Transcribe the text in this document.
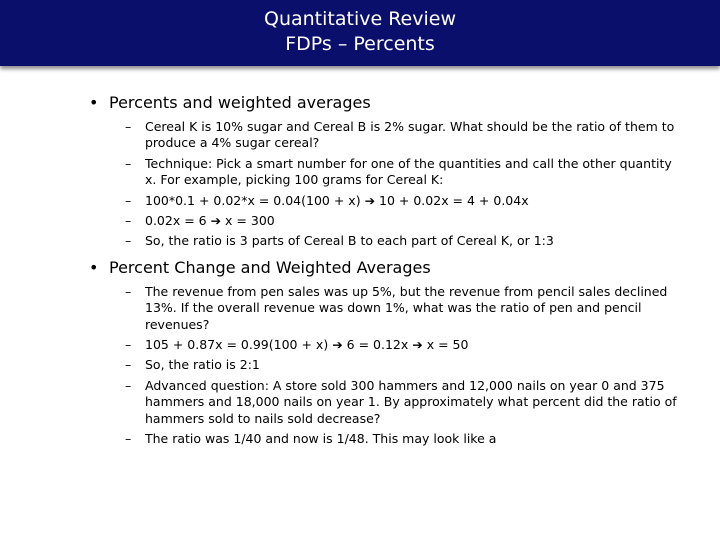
Quantitative Review
FDPs – Percents
• Percents and weighted averages
– Cereal K is 10% sugar and Cereal B is 2% sugar. What should be the ratio of them to produce a 4% sugar cereal?
– Technique: Pick a smart number for one of the quantities and call the other quantity x. For example, picking 100 grams for Cereal K:
– 100*0.1 + 0.02*x = 0.04(100 + x) ➔ 10 + 0.02x = 4 + 0.04x
– 0.02x = 6 ➔ x = 300
– So, the ratio is 3 parts of Cereal B to each part of Cereal K, or 1:3
• Percent Change and Weighted Averages
– The revenue from pen sales was up 5%, but the revenue from pencil sales declined 13%. If the overall revenue was down 1%, what was the ratio of pen and pencil revenues?
– 105 + 0.87x = 0.99(100 + x) ➔ 6 = 0.12x ➔ x = 50
– So, the ratio is 2:1
– Advanced question: A store sold 300 hammers and 12,000 nails on year 0 and 375 hammers and 18,000 nails on year 1. By approximately what percent did the ratio of hammers sold to nails sold decrease?
– The ratio was 1/40 and now is 1/48. This may look like a
